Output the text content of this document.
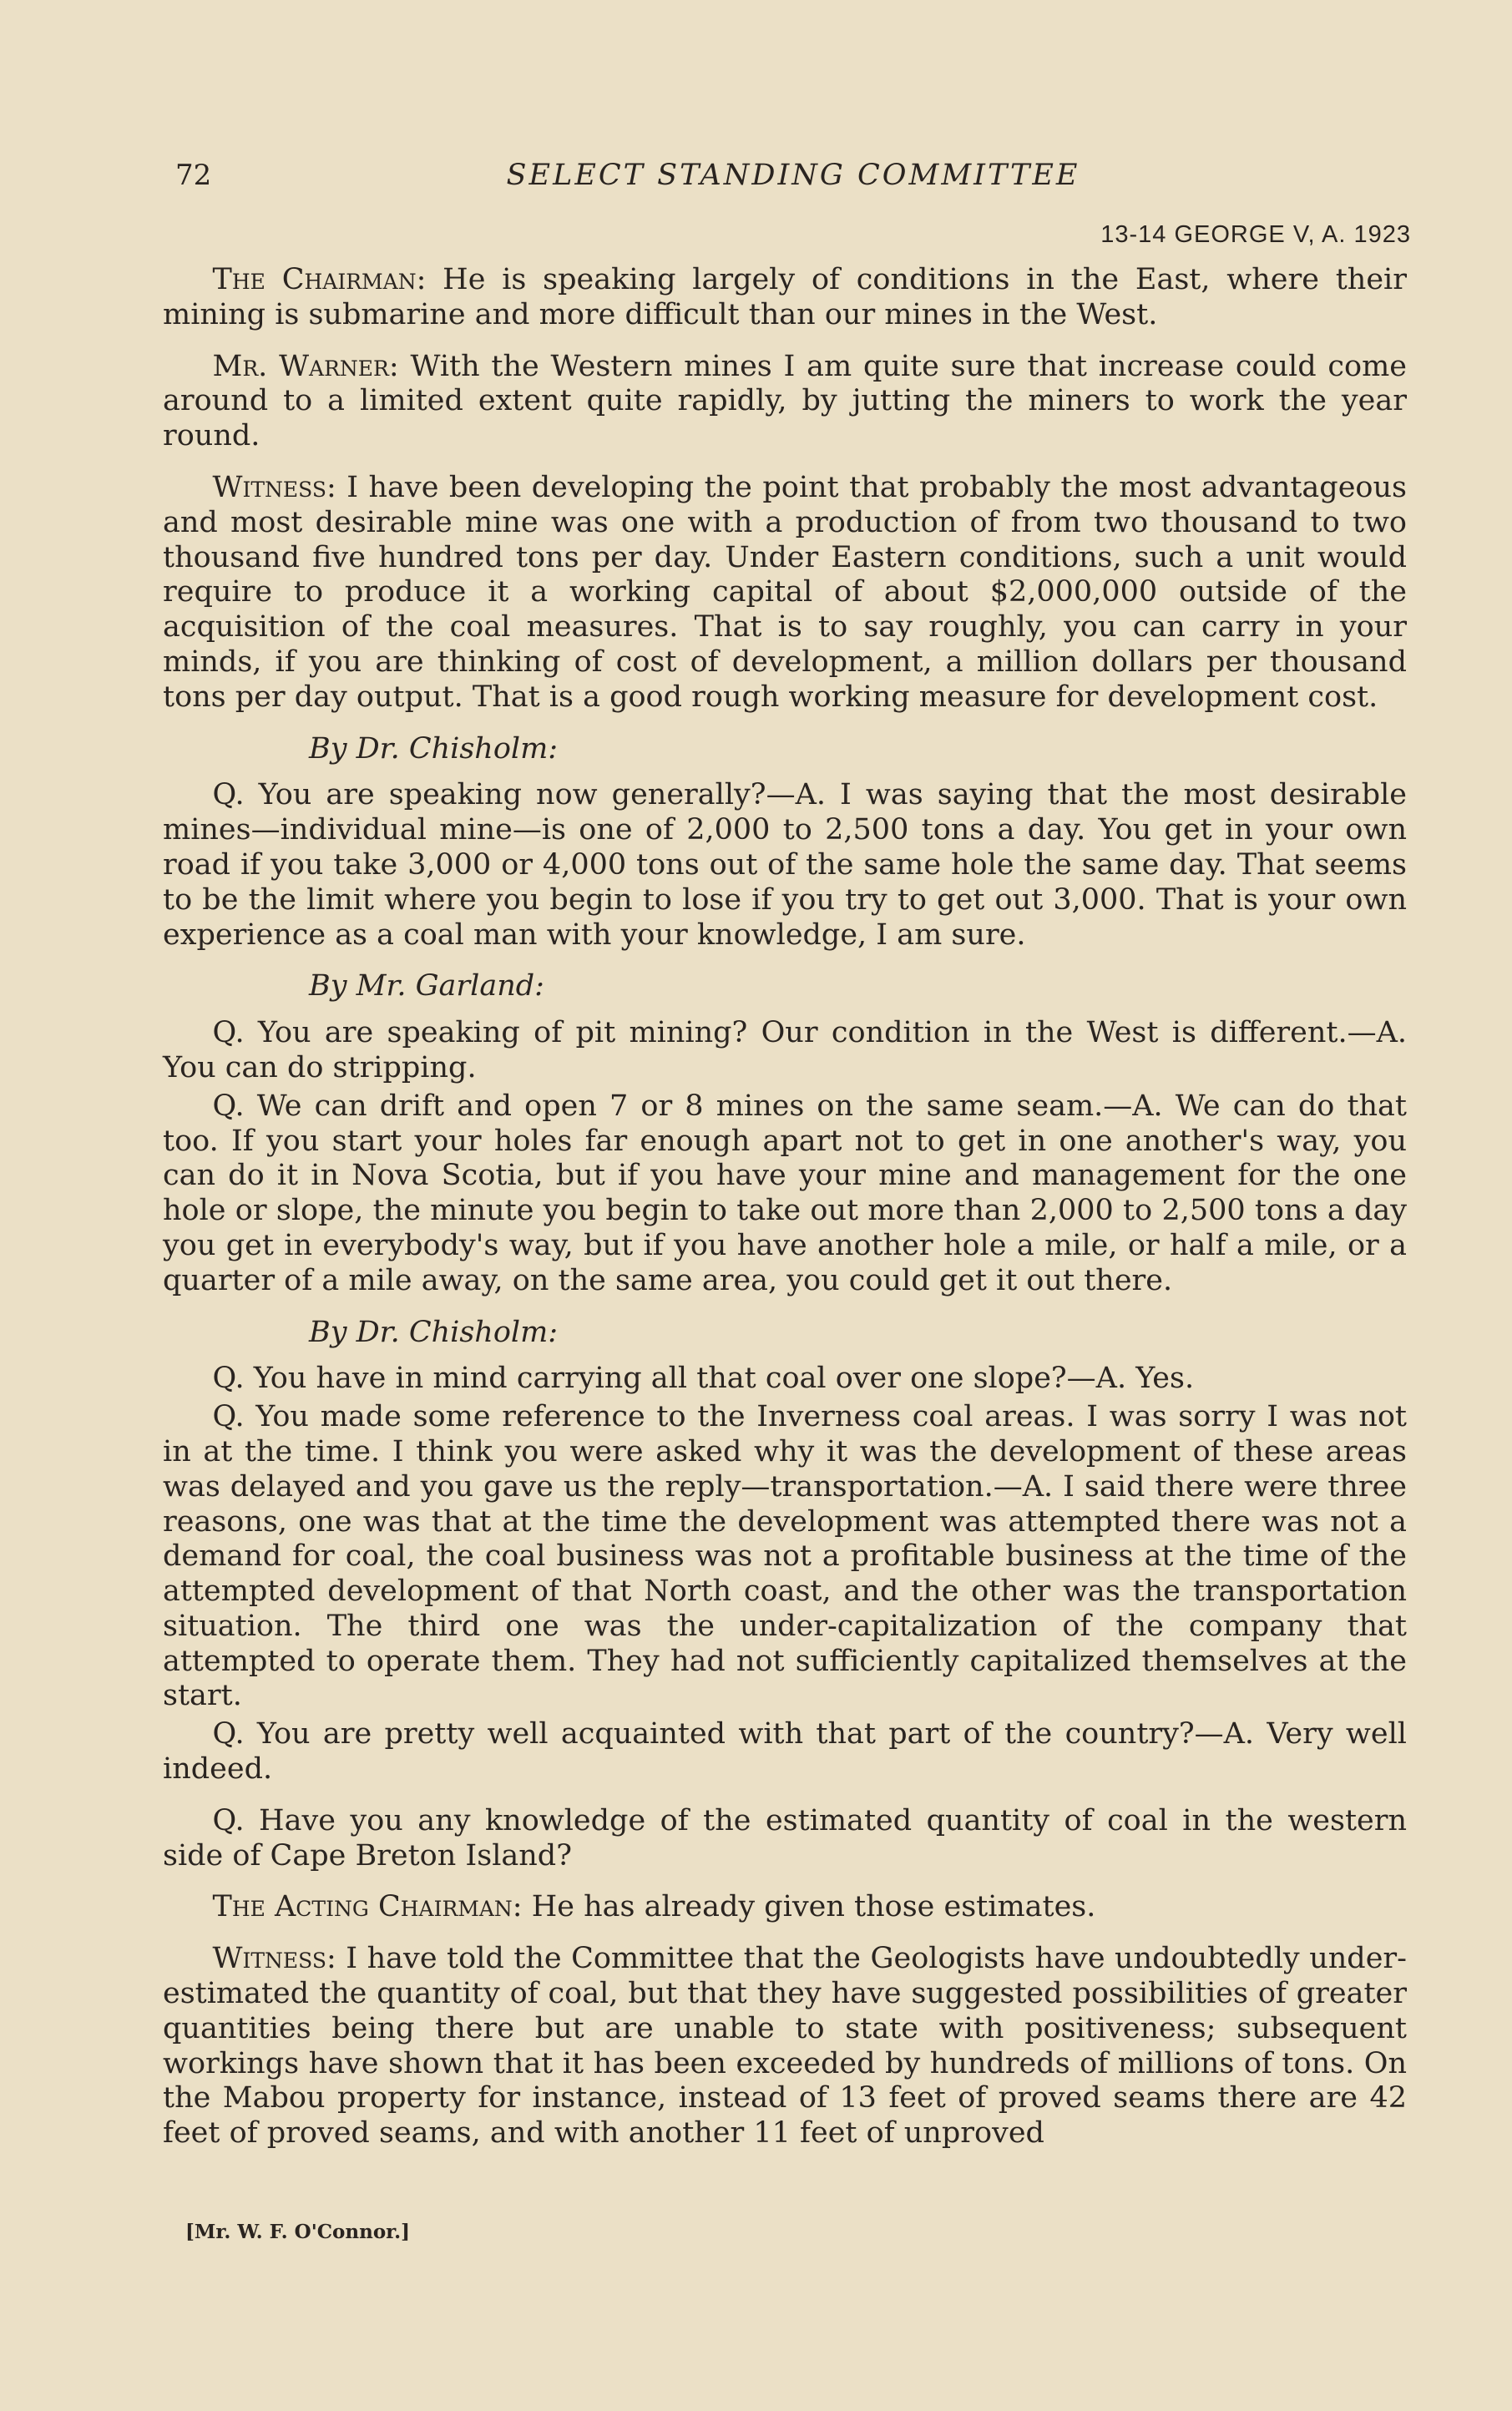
72	SELECT STANDING COMMITTEE
13-14 GEORGE V, A. 1923

The Chairman: He is speaking largely of conditions in the East, where their mining is submarine and more difficult than our mines in the West.

Mr. Warner: With the Western mines I am quite sure that increase could come around to a limited extent quite rapidly, by jutting the miners to work the year round.

Witness: I have been developing the point that probably the most advantageous and most desirable mine was one with a production of from two thousand to two thousand five hundred tons per day. Under Eastern conditions, such a unit would require to produce it a working capital of about $2,000,000 outside of the acquisition of the coal measures. That is to say roughly, you can carry in your minds, if you are thinking of cost of development, a million dollars per thousand tons per day output. That is a good rough working measure for development cost.

By Dr. Chisholm:

Q. You are speaking now generally?—A. I was saying that the most desirable mines—individual mine—is one of 2,000 to 2,500 tons a day. You get in your own road if you take 3,000 or 4,000 tons out of the same hole the same day. That seems to be the limit where you begin to lose if you try to get out 3,000. That is your own experience as a coal man with your knowledge, I am sure.

By Mr. Garland:

Q. You are speaking of pit mining? Our condition in the West is different.—A. You can do stripping.

Q. We can drift and open 7 or 8 mines on the same seam.—A. We can do that too. If you start your holes far enough apart not to get in one another's way, you can do it in Nova Scotia, but if you have your mine and management for the one hole or slope, the minute you begin to take out more than 2,000 to 2,500 tons a day you get in everybody's way, but if you have another hole a mile, or half a mile, or a quarter of a mile away, on the same area, you could get it out there.

By Dr. Chisholm:

Q. You have in mind carrying all that coal over one slope?—A. Yes.

Q. You made some reference to the Inverness coal areas. I was sorry I was not in at the time. I think you were asked why it was the development of these areas was delayed and you gave us the reply—transportation.—A. I said there were three reasons, one was that at the time the development was attempted there was not a demand for coal, the coal business was not a profitable business at the time of the attempted development of that North coast, and the other was the transportation situation. The third one was the under-capitalization of the company that attempted to operate them. They had not sufficiently capitalized themselves at the start.

Q. You are pretty well acquainted with that part of the country?—A. Very well indeed.

Q. Have you any knowledge of the estimated quantity of coal in the western side of Cape Breton Island?

The Acting Chairman: He has already given those estimates.

Witness: I have told the Committee that the Geologists have undoubtedly under-estimated the quantity of coal, but that they have suggested possibilities of greater quantities being there but are unable to state with positiveness; subsequent workings have shown that it has been exceeded by hundreds of millions of tons. On the Mabou property for instance, instead of 13 feet of proved seams there are 42 feet of proved seams, and with another 11 feet of unproved

[Mr. W. F. O'Connor.]
